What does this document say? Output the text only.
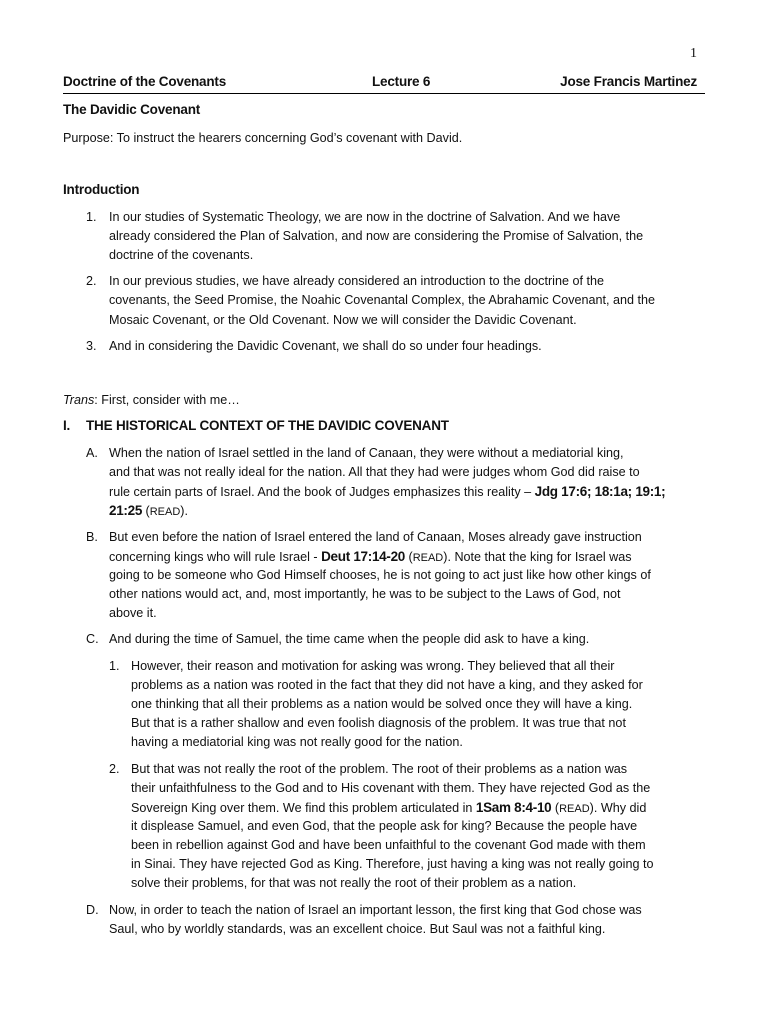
1
Doctrine of the Covenants	Lecture 6	Jose Francis Martinez
The Davidic Covenant
Purpose: To instruct the hearers concerning God’s covenant with David.
Introduction
1. In our studies of Systematic Theology, we are now in the doctrine of Salvation. And we have
already considered the Plan of Salvation, and now are considering the Promise of Salvation, the
doctrine of the covenants.
2. In our previous studies, we have already considered an introduction to the doctrine of the
covenants, the Seed Promise, the Noahic Covenantal Complex, the Abrahamic Covenant, and the
Mosaic Covenant, or the Old Covenant. Now we will consider the Davidic Covenant.
3. And in considering the Davidic Covenant, we shall do so under four headings.
Trans: First, consider with me…
I. THE HISTORICAL CONTEXT OF THE DAVIDIC COVENANT
A. When the nation of Israel settled in the land of Canaan, they were without a mediatorial king,
and that was not really ideal for the nation. All that they had were judges whom God did raise to
rule certain parts of Israel. And the book of Judges emphasizes this reality – Jdg 17:6; 18:1a; 19:1;
21:25 (READ).
B. But even before the nation of Israel entered the land of Canaan, Moses already gave instruction
concerning kings who will rule Israel - Deut 17:14-20 (READ). Note that the king for Israel was
going to be someone who God Himself chooses, he is not going to act just like how other kings of
other nations would act, and, most importantly, he was to be subject to the Laws of God, not
above it.
C. And during the time of Samuel, the time came when the people did ask to have a king.
1. However, their reason and motivation for asking was wrong. They believed that all their
problems as a nation was rooted in the fact that they did not have a king, and they asked for
one thinking that all their problems as a nation would be solved once they will have a king.
But that is a rather shallow and even foolish diagnosis of the problem. It was true that not
having a mediatorial king was not really good for the nation.
2. But that was not really the root of the problem. The root of their problems as a nation was
their unfaithfulness to the God and to His covenant with them. They have rejected God as the
Sovereign King over them. We find this problem articulated in 1Sam 8:4-10 (READ). Why did
it displease Samuel, and even God, that the people ask for king? Because the people have
been in rebellion against God and have been unfaithful to the covenant God made with them
in Sinai. They have rejected God as King. Therefore, just having a king was not really going to
solve their problems, for that was not really the root of their problem as a nation.
D. Now, in order to teach the nation of Israel an important lesson, the first king that God chose was
Saul, who by worldly standards, was an excellent choice. But Saul was not a faithful king.
